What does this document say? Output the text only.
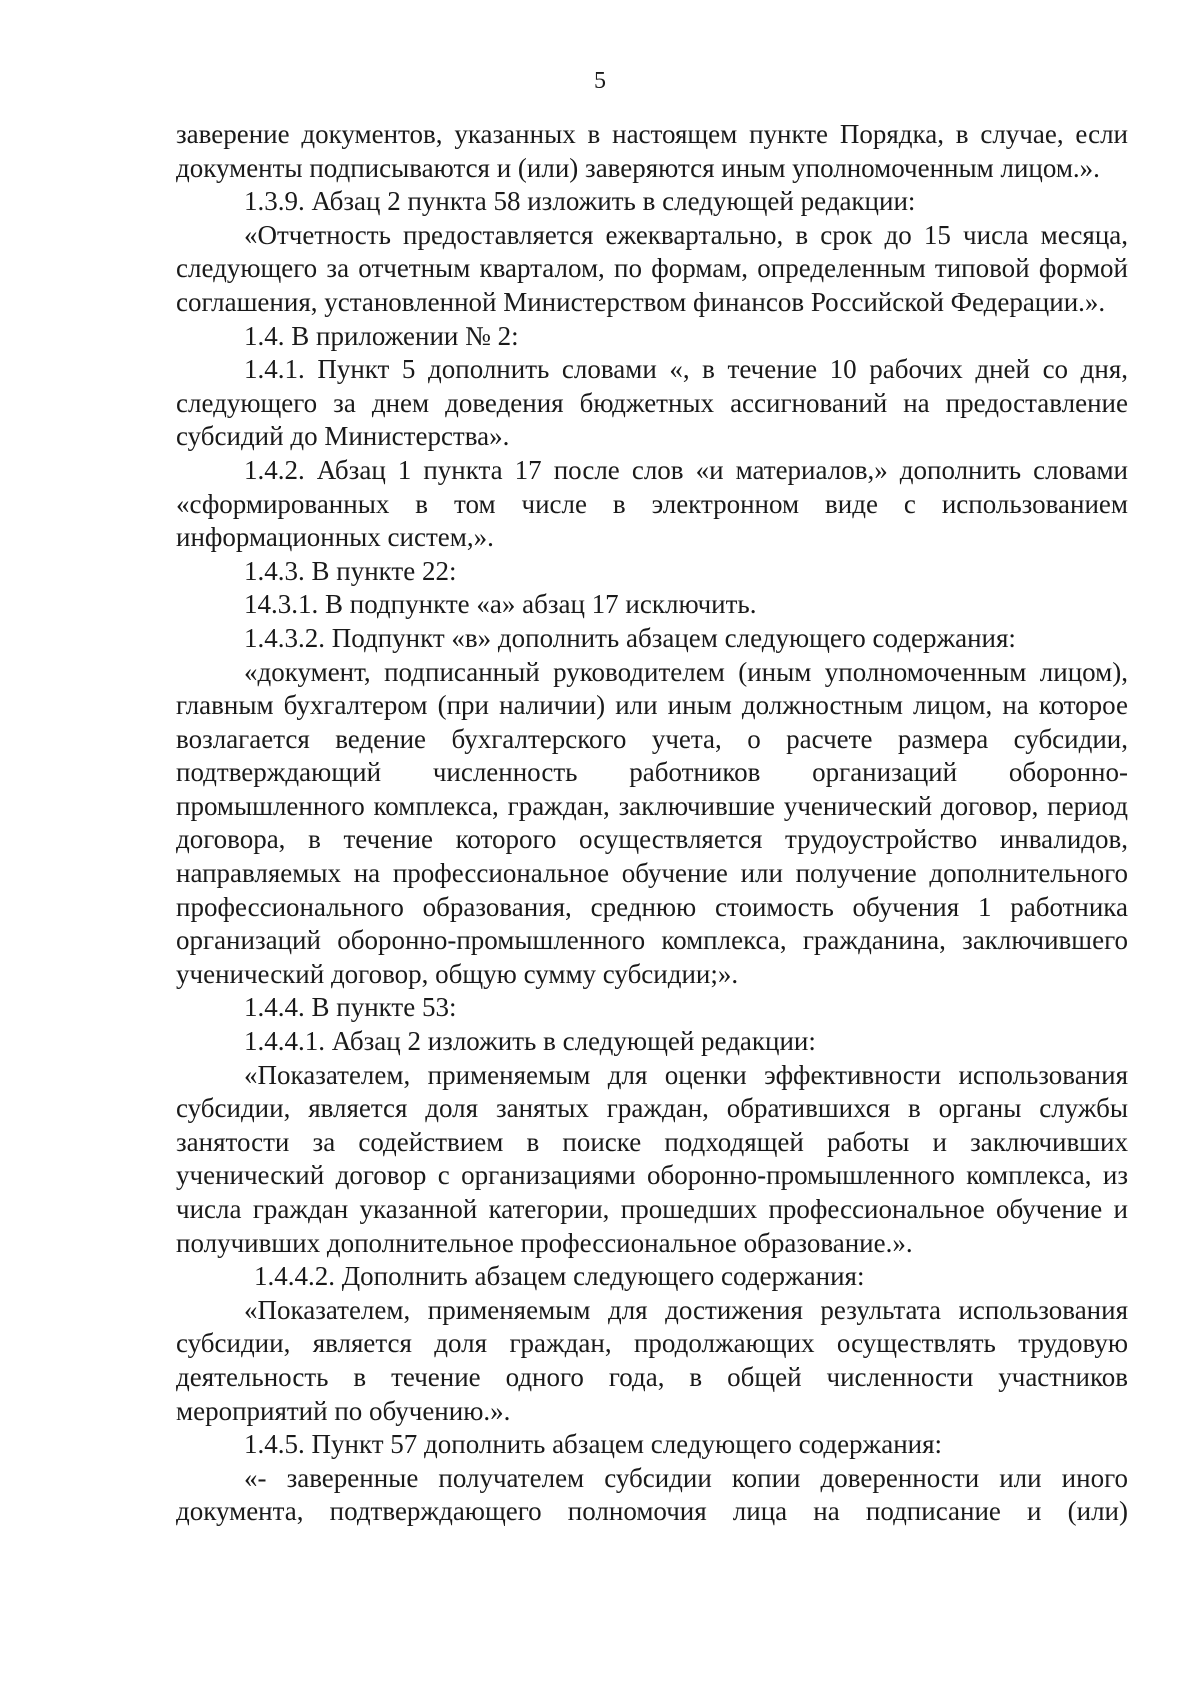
5

заверение документов, указанных в настоящем пункте Порядка, в случае, если документы подписываются и (или) заверяются иным уполномоченным лицом.».

1.3.9. Абзац 2 пункта 58 изложить в следующей редакции:

«Отчетность предоставляется ежеквартально, в срок до 15 числа месяца, следующего за отчетным кварталом, по формам, определенным типовой формой соглашения, установленной Министерством финансов Российской Федерации.».

1.4. В приложении № 2:

1.4.1. Пункт 5 дополнить словами «, в течение 10 рабочих дней со дня, следующего за днем доведения бюджетных ассигнований на предоставление субсидий до Министерства».

1.4.2. Абзац 1 пункта 17 после слов «и материалов,» дополнить словами «сформированных в том числе в электронном виде с использованием информационных систем,».

1.4.3. В пункте 22:

14.3.1. В подпункте «а» абзац 17 исключить.

1.4.3.2. Подпункт «в» дополнить абзацем следующего содержания:

«документ, подписанный руководителем (иным уполномоченным лицом), главным бухгалтером (при наличии) или иным должностным лицом, на которое возлагается ведение бухгалтерского учета, о расчете размера субсидии, подтверждающий численность работников организаций оборонно-промышленного комплекса, граждан, заключившие ученический договор, период договора, в течение которого осуществляется трудоустройство инвалидов, направляемых на профессиональное обучение или получение дополнительного профессионального образования, среднюю стоимость обучения 1 работника организаций оборонно-промышленного комплекса, гражданина, заключившего ученический договор, общую сумму субсидии;».

1.4.4. В пункте 53:

1.4.4.1. Абзац 2 изложить в следующей редакции:

«Показателем, применяемым для оценки эффективности использования субсидии, является доля занятых граждан, обратившихся в органы службы занятости за содействием в поиске подходящей работы и заключивших ученический договор с организациями оборонно-промышленного комплекса, из числа граждан указанной категории, прошедших профессиональное обучение и получивших дополнительное профессиональное образование.».

1.4.4.2. Дополнить абзацем следующего содержания:

«Показателем, применяемым для достижения результата использования субсидии, является доля граждан, продолжающих осуществлять трудовую деятельность в течение одного года, в общей численности участников мероприятий по обучению.».

1.4.5. Пункт 57 дополнить абзацем следующего содержания:

«- заверенные получателем субсидии копии доверенности или иного документа, подтверждающего полномочия лица на подписание и (или)
